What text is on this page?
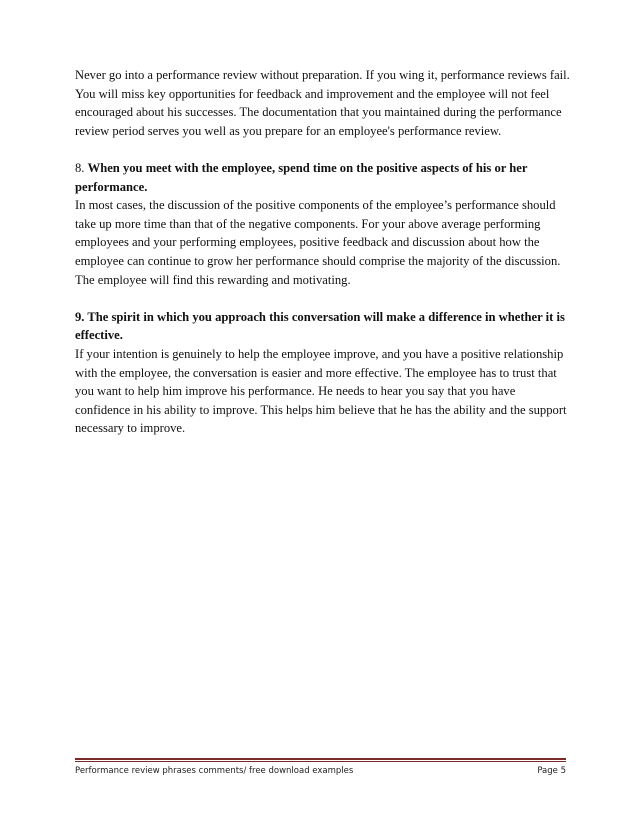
Never go into a performance review without preparation. If you wing it, performance reviews fail. You will miss key opportunities for feedback and improvement and the employee will not feel encouraged about his successes. The documentation that you maintained during the performance review period serves you well as you prepare for an employee's performance review.

8. When you meet with the employee, spend time on the positive aspects of his or her performance.

In most cases, the discussion of the positive components of the employee’s performance should take up more time than that of the negative components. For your above average performing employees and your performing employees, positive feedback and discussion about how the employee can continue to grow her performance should comprise the majority of the discussion. The employee will find this rewarding and motivating.

9. The spirit in which you approach this conversation will make a difference in whether it is effective.

If your intention is genuinely to help the employee improve, and you have a positive relationship with the employee, the conversation is easier and more effective. The employee has to trust that you want to help him improve his performance. He needs to hear you say that you have confidence in his ability to improve. This helps him believe that he has the ability and the support necessary to improve.

Performance review phrases comments/ free download examples	Page 5
